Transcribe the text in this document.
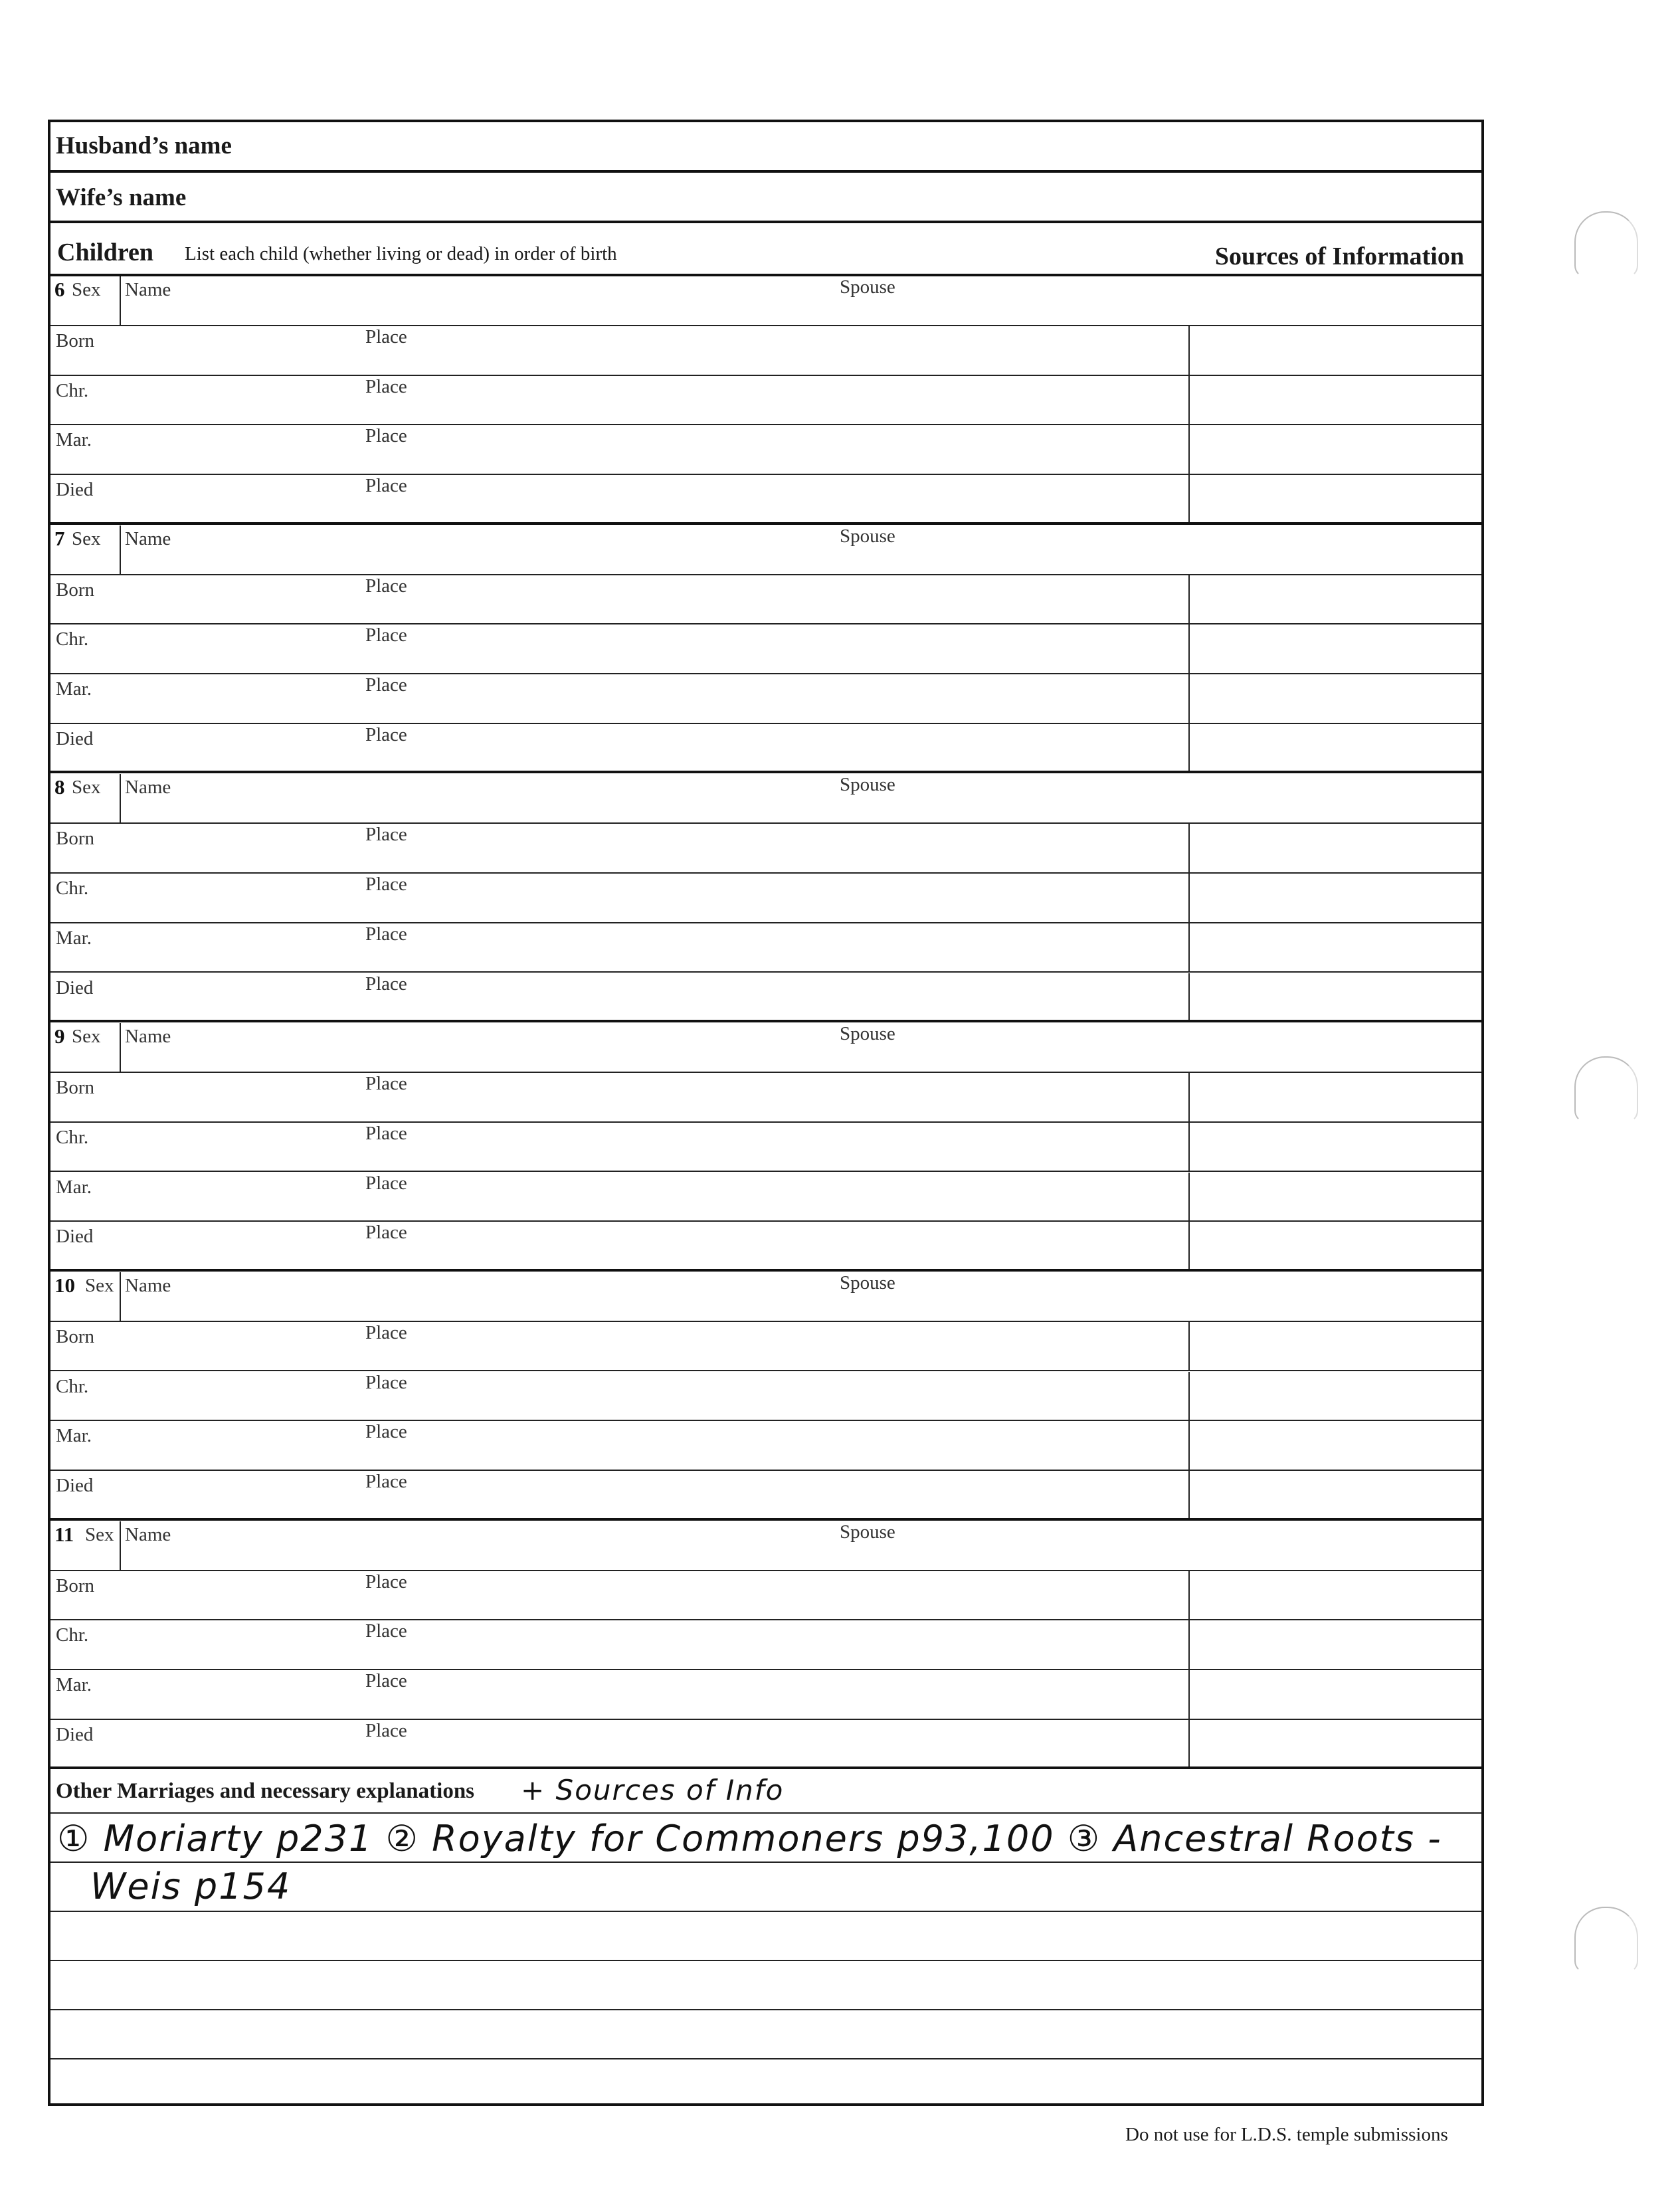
Husband’s name
Wife’s name
Children List each child (whether living or dead) in order of birth	Sources of Information
6 Sex Name	Spouse
Born	Place
Chr.	Place
Mar.	Place
Died	Place
7 Sex Name	Spouse
Born	Place
Chr.	Place
Mar.	Place
Died	Place
8 Sex Name	Spouse
Born	Place
Chr.	Place
Mar.	Place
Died	Place
9 Sex Name	Spouse
Born	Place
Chr.	Place
Mar.	Place
Died	Place
10 Sex Name	Spouse
Born	Place
Chr.	Place
Mar.	Place
Died	Place
11 Sex Name	Spouse
Born	Place
Chr.	Place
Mar.	Place
Died	Place
Other Marriages and necessary explanations + Sources of Info
① Moriarty p231 ② Royalty for Commoners p93,100 ③ Ancestral Roots -
Weis p154
Do not use for L.D.S. temple submissions
